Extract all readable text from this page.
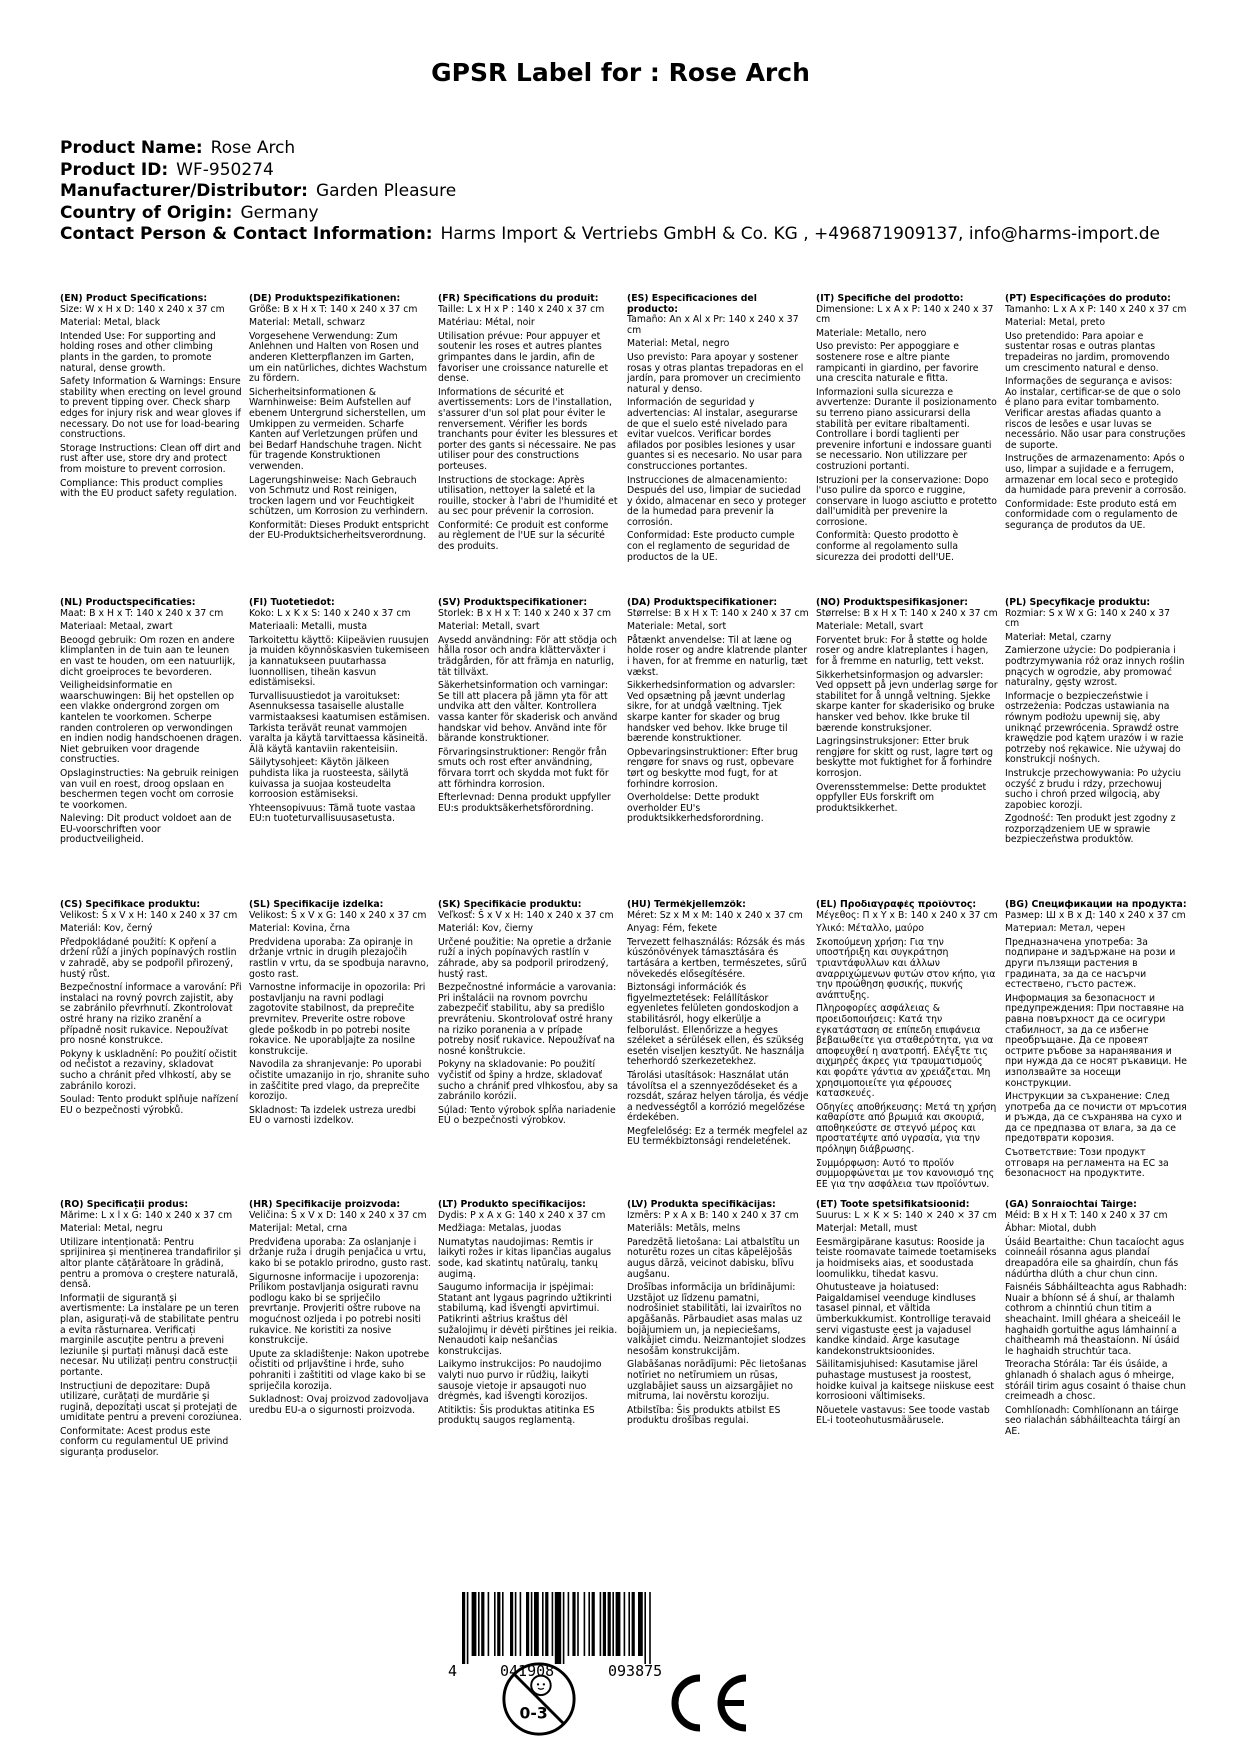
GPSR Label for : Rose Arch
Product Name: Rose Arch
Product ID: WF-950274
Manufacturer/Distributor: Garden Pleasure
Country of Origin: Germany
Contact Person & Contact Information: Harms Import & Vertriebs GmbH & Co. KG , +496871909137, info@harms-import.de
(EN) Product Specifications:

Size: W x H x D: 140 x 240 x 37 cm

Material: Metal, black

Intended Use: For supporting and holding roses and other climbing plants in the garden, to promote natural, dense growth.

Safety Information & Warnings: Ensure stability when erecting on level ground to prevent tipping over. Check sharp edges for injury risk and wear gloves if necessary. Do not use for load-bearing constructions.

Storage Instructions: Clean off dirt and rust after use, store dry and protect from moisture to prevent corrosion.

Compliance: This product complies with the EU product safety regulation.

(DE) Produktspezifikationen:

Größe: B x H x T: 140 x 240 x 37 cm

Material: Metall, schwarz

Vorgesehene Verwendung: Zum Anlehnen und Halten von Rosen und anderen Kletterpflanzen im Garten, um ein natürliches, dichtes Wachstum zu fördern.

Sicherheitsinformationen & Warnhinweise: Beim Aufstellen auf ebenem Untergrund sicherstellen, um Umkippen zu vermeiden. Scharfe Kanten auf Verletzungen prüfen und bei Bedarf Handschuhe tragen. Nicht für tragende Konstruktionen verwenden.

Lagerungshinweise: Nach Gebrauch von Schmutz und Rost reinigen, trocken lagern und vor Feuchtigkeit schützen, um Korrosion zu verhindern.

Konformität: Dieses Produkt entspricht der EU-Produktsicherheitsverordnung.

(FR) Spécifications du produit:

Taille: L x H x P : 140 x 240 x 37 cm

Matériau: Métal, noir

Utilisation prévue: Pour appuyer et soutenir les roses et autres plantes grimpantes dans le jardin, afin de favoriser une croissance naturelle et dense.

Informations de sécurité et avertissements: Lors de l'installation, s'assurer d'un sol plat pour éviter le renversement. Vérifier les bords tranchants pour éviter les blessures et porter des gants si nécessaire. Ne pas utiliser pour des constructions porteuses.

Instructions de stockage: Après utilisation, nettoyer la saleté et la rouille, stocker à l'abri de l'humidité et au sec pour prévenir la corrosion.

Conformité: Ce produit est conforme au règlement de l'UE sur la sécurité des produits.

(ES) Especificaciones del producto:

Tamaño: An x Al x Pr: 140 x 240 x 37 cm

Material: Metal, negro

Uso previsto: Para apoyar y sostener rosas y otras plantas trepadoras en el jardín, para promover un crecimiento natural y denso.

Información de seguridad y advertencias: Al instalar, asegurarse de que el suelo esté nivelado para evitar vuelcos. Verificar bordes afilados por posibles lesiones y usar guantes si es necesario. No usar para construcciones portantes.

Instrucciones de almacenamiento: Después del uso, limpiar de suciedad y óxido, almacenar en seco y proteger de la humedad para prevenir la corrosión.

Conformidad: Este producto cumple con el reglamento de seguridad de productos de la UE.

(IT) Specifiche del prodotto:

Dimensione: L x A x P: 140 x 240 x 37 cm

Materiale: Metallo, nero

Uso previsto: Per appoggiare e sostenere rose e altre piante rampicanti in giardino, per favorire una crescita naturale e fitta.

Informazioni sulla sicurezza e avvertenze: Durante il posizionamento su terreno piano assicurarsi della stabilità per evitare ribaltamenti. Controllare i bordi taglienti per prevenire infortuni e indossare guanti se necessario. Non utilizzare per costruzioni portanti.

Istruzioni per la conservazione: Dopo l'uso pulire da sporco e ruggine, conservare in luogo asciutto e protetto dall'umidità per prevenire la corrosione.

Conformità: Questo prodotto è conforme al regolamento sulla sicurezza dei prodotti dell'UE.

(PT) Especificações do produto:

Tamanho: L x A x P: 140 x 240 x 37 cm

Material: Metal, preto

Uso pretendido: Para apoiar e sustentar rosas e outras plantas trepadeiras no jardim, promovendo um crescimento natural e denso.

Informações de segurança e avisos: Ao instalar, certificar-se de que o solo é plano para evitar tombamento. Verificar arestas afiadas quanto a riscos de lesões e usar luvas se necessário. Não usar para construções de suporte.

Instruções de armazenamento: Após o uso, limpar a sujidade e a ferrugem, armazenar em local seco e protegido da humidade para prevenir a corrosão.

Conformidade: Este produto está em conformidade com o regulamento de segurança de produtos da UE.

(NL) Productspecificaties:

Maat: B x H x T: 140 x 240 x 37 cm

Materiaal: Metaal, zwart

Beoogd gebruik: Om rozen en andere klimplanten in de tuin aan te leunen en vast te houden, om een natuurlijk, dicht groeiproces te bevorderen.

Veiligheidsinformatie en waarschuwingen: Bij het opstellen op een vlakke ondergrond zorgen om kantelen te voorkomen. Scherpe randen controleren op verwondingen en indien nodig handschoenen dragen. Niet gebruiken voor dragende constructies.

Opslaginstructies: Na gebruik reinigen van vuil en roest, droog opslaan en beschermen tegen vocht om corrosie te voorkomen.

Naleving: Dit product voldoet aan de EU-voorschriften voor productveiligheid.

(FI) Tuotetiedot:

Koko: L x K x S: 140 x 240 x 37 cm

Materiaali: Metalli, musta

Tarkoitettu käyttö: Kiipeävien ruusujen ja muiden köynnöskasvien tukemiseen ja kannatukseen puutarhassa luonnollisen, tiheän kasvun edistämiseksi.

Turvallisuustiedot ja varoitukset: Asennuksessa tasaiselle alustalle varmistaaksesi kaatumisen estämisen. Tarkista terävät reunat vammojen varalta ja käytä tarvittaessa käsineitä. Älä käytä kantaviin rakenteisiin.

Säilytysohjeet: Käytön jälkeen puhdista lika ja ruosteesta, säilytä kuivassa ja suojaa kosteudelta korroosion estämiseksi.

Yhteensopivuus: Tämä tuote vastaa EU:n tuoteturvallisuusasetusta.

(SV) Produktspecifikationer:

Storlek: B x H x T: 140 x 240 x 37 cm

Material: Metall, svart

Avsedd användning: För att stödja och hålla rosor och andra klätterväxter i trädgården, för att främja en naturlig, tät tillväxt.

Säkerhetsinformation och varningar: Se till att placera på jämn yta för att undvika att den välter. Kontrollera vassa kanter för skaderisk och använd handskar vid behov. Använd inte för bärande konstruktioner.

Förvaringsinstruktioner: Rengör från smuts och rost efter användning, förvara torrt och skydda mot fukt för att förhindra korrosion.

Efterlevnad: Denna produkt uppfyller EU:s produktsäkerhetsförordning.

(DA) Produktspecifikationer:

Størrelse: B x H x T: 140 x 240 x 37 cm

Materiale: Metal, sort

Påtænkt anvendelse: Til at læne og holde roser og andre klatrende planter i haven, for at fremme en naturlig, tæt vækst.

Sikkerhedsinformation og advarsler: Ved opsætning på jævnt underlag sikre, for at undgå væltning. Tjek skarpe kanter for skader og brug handsker ved behov. Ikke bruge til bærende konstruktioner.

Opbevaringsinstruktioner: Efter brug rengøre for snavs og rust, opbevare tørt og beskytte mod fugt, for at forhindre korrosion.

Overholdelse: Dette produkt overholder EU's produktsikkerhedsforordning.

(NO) Produktspesifikasjoner:

Størrelse: B x H x T: 140 x 240 x 37 cm

Materiale: Metall, svart

Forventet bruk: For å støtte og holde roser og andre klatreplantes i hagen, for å fremme en naturlig, tett vekst.

Sikkerhetsinformasjon og advarsler: Ved oppsett på jevn underlag sørge for stabilitet for å unngå veltning. Sjekke skarpe kanter for skaderisiko og bruke hansker ved behov. Ikke bruke til bærende konstruksjoner.

Lagringsinstruksjoner: Etter bruk rengjøre for skitt og rust, lagre tørt og beskytte mot fuktighet for å forhindre korrosjon.

Overensstemmelse: Dette produktet oppfyller EUs forskrift om produktsikkerhet.

(PL) Specyfikacje produktu:

Rozmiar: S x W x G: 140 x 240 x 37 cm

Materiał: Metal, czarny

Zamierzone użycie: Do podpierania i podtrzymywania róż oraz innych roślin pnących w ogrodzie, aby promować naturalny, gęsty wzrost.

Informacje o bezpieczeństwie i ostrzeżenia: Podczas ustawiania na równym podłożu upewnij się, aby uniknąć przewrócenia. Sprawdź ostre krawędzie pod kątem urazów i w razie potrzeby noś rękawice. Nie używaj do konstrukcji nośnych.

Instrukcje przechowywania: Po użyciu oczyść z brudu i rdzy, przechowuj sucho i chroń przed wilgocią, aby zapobiec korozji.

Zgodność: Ten produkt jest zgodny z rozporządzeniem UE w sprawie bezpieczeństwa produktów.

(CS) Specifikace produktu:

Velikost: Š x V x H: 140 x 240 x 37 cm

Materiál: Kov, černý

Předpokládané použití: K opření a držení růží a jiných popínavých rostlin v zahradě, aby se podpořil přirozený, hustý růst.

Bezpečnostní informace a varování: Při instalaci na rovný povrch zajistit, aby se zabránilo převrhnutí. Zkontrolovat ostré hrany na riziko zranění a případně nosit rukavice. Nepoužívat pro nosné konstrukce.

Pokyny k uskladnění: Po použití očistit od nečistot a rezaviny, skladovat sucho a chránit před vlhkostí, aby se zabránilo korozi.

Soulad: Tento produkt splňuje nařízení EU o bezpečnosti výrobků.

(SL) Specifikacije izdelka:

Velikost: Š x V x G: 140 x 240 x 37 cm

Material: Kovina, črna

Predvidena uporaba: Za opiranje in držanje vrtnic in drugih plezajočih rastlin v vrtu, da se spodbuja naravno, gosto rast.

Varnostne informacije in opozorila: Pri postavljanju na ravni podlagi zagotovite stabilnost, da preprečite prevrnitev. Preverite ostre robove glede poškodb in po potrebi nosite rokavice. Ne uporabljajte za nosilne konstrukcije.

Navodila za shranjevanje: Po uporabi očistite umazanijo in rjo, shranite suho in zaščitite pred vlago, da preprečite korozijo.

Skladnost: Ta izdelek ustreza uredbi EU o varnosti izdelkov.

(SK) Špecifikácie produktu:

Veľkosť: Š x V x H: 140 x 240 x 37 cm

Materiál: Kov, čierny

Určené použitie: Na opretie a držanie ruží a iných popínavých rastlín v záhrade, aby sa podporil prirodzený, hustý rast.

Bezpečnostné informácie a varovania: Pri inštalácii na rovnom povrchu zabezpečiť stabilitu, aby sa predišlo prevráteniu. Skontrolovať ostré hrany na riziko poranenia a v prípade potreby nosiť rukavice. Nepoužívať na nosné konštrukcie.

Pokyny na skladovanie: Po použití vyčistiť od špiny a hrdze, skladovať sucho a chrániť pred vlhkosťou, aby sa zabránilo korózii.

Súlad: Tento výrobok spĺňa nariadenie EÚ o bezpečnosti výrobkov.

(HU) Termékjellemzők:

Méret: Sz x M x M: 140 x 240 x 37 cm

Anyag: Fém, fekete

Tervezett felhasználás: Rózsák és más kúszónövények támasztására és tartására a kertben, természetes, sűrű növekedés elősegítésére.

Biztonsági információk és figyelmeztetések: Felállításkor egyenletes felületen gondoskodjon a stabilitásról, hogy elkerülje a felborulást. Ellenőrizze a hegyes széleket a sérülések ellen, és szükség esetén viseljen kesztyűt. Ne használja teherhordó szerkezetekhez.

Tárolási utasítások: Használat után távolítsa el a szennyeződéseket és a rozsdát, száraz helyen tárolja, és védje a nedvességtől a korrózió megelőzése érdekében.

Megfelelőség: Ez a termék megfelel az EU termékbiztonsági rendeletének.

(EL) Προδιαγραφές προϊόντος:

Μέγεθος: Π x Υ x Β: 140 x 240 x 37 cm

Υλικό: Μέταλλο, μαύρο

Σκοπούμενη χρήση: Για την υποστήριξη και συγκράτηση τριαντάφυλλων και άλλων αναρριχώμενων φυτών στον κήπο, για την προώθηση φυσικής, πυκνής ανάπτυξης.

Πληροφορίες ασφάλειας & προειδοποιήσεις: Κατά την εγκατάσταση σε επίπεδη επιφάνεια βεβαιωθείτε για σταθερότητα, για να αποφευχθεί η ανατροπή. Ελέγξτε τις αιχμηρές άκρες για τραυματισμούς και φοράτε γάντια αν χρειάζεται. Μη χρησιμοποιείτε για φέρουσες κατασκευές.

Οδηγίες αποθήκευσης: Μετά τη χρήση καθαρίστε από βρωμιά και σκουριά, αποθηκεύστε σε στεγνό μέρος και προστατέψτε από υγρασία, για την πρόληψη διάβρωσης.

Συμμόρφωση: Αυτό το προϊόν συμμορφώνεται με τον κανονισμό της ΕΕ για την ασφάλεια των προϊόντων.

(BG) Спецификации на продукта:

Размер: Ш x В x Д: 140 x 240 x 37 cm

Материал: Метал, черен

Предназначена употреба: За подпиране и задържане на рози и други пълзящи растения в градината, за да се насърчи естествено, гъсто растеж.

Информация за безопасност и предупреждения: При поставяне на равна повърхност да се осигури стабилност, за да се избегне преобръщане. Да се провеят острите ръбове за наранявания и при нужда да се носят ръкавици. Не използвайте за носещи конструкции.

Инструкции за съхранение: След употреба да се почисти от мръсотия и ръжда, да се съхранява на сухо и да се предпазва от влага, за да се предотврати корозия.

Съответствие: Този продукт отговаря на регламента на ЕС за безопасност на продуктите.

(RO) Specificații produs:

Mărime: L x l x G: 140 x 240 x 37 cm

Material: Metal, negru

Utilizare intenționată: Pentru sprijinirea și menținerea trandafirilor și altor plante cățărătoare în grădină, pentru a promova o creștere naturală, densă.

Informații de siguranță și avertismente: La instalare pe un teren plan, asigurați-vă de stabilitate pentru a evita răsturnarea. Verificați marginile ascuțite pentru a preveni leziunile și purtați mănuși dacă este necesar. Nu utilizați pentru construcții portante.

Instrucțiuni de depozitare: După utilizare, curățați de murdărie și rugină, depozitați uscat și protejați de umiditate pentru a preveni coroziunea.

Conformitate: Acest produs este conform cu regulamentul UE privind siguranța produselor.

(HR) Specifikacije proizvoda:

Veličina: Š x V x D: 140 x 240 x 37 cm

Materijal: Metal, crna

Predviđena uporaba: Za oslanjanje i držanje ruža i drugih penjačica u vrtu, kako bi se potaklo prirodno, gusto rast.

Sigurnosne informacije i upozorenja: Prilikom postavljanja osigurati ravnu podlogu kako bi se spriječilo prevrtanje. Provjeriti oštre rubove na mogućnost ozljeda i po potrebi nositi rukavice. Ne koristiti za nosive konstrukcije.

Upute za skladištenje: Nakon upotrebe očistiti od prljavštine i hrđe, suho pohraniti i zaštititi od vlage kako bi se spriječila korozija.

Sukladnost: Ovaj proizvod zadovoljava uredbu EU-a o sigurnosti proizvoda.

(LT) Produkto specifikacijos:

Dydis: P x A x G: 140 x 240 x 37 cm

Medžiaga: Metalas, juodas

Numatytas naudojimas: Remtis ir laikyti rožes ir kitas lipančias augalus sode, kad skatintų natūralų, tankų augimą.

Saugumo informacija ir įspėjimai: Statant ant lygaus pagrindo užtikrinti stabilumą, kad išvengti apvirtimui. Patikrinti aštrius kraštus dėl sužalojimų ir dėvėti pirštines jei reikia. Nenaudoti kaip nešančias konstrukcijas.

Laikymo instrukcijos: Po naudojimo valyti nuo purvo ir rūdžių, laikyti sausoje vietoje ir apsaugoti nuo drėgmės, kad išvengti korozijos.

Atitiktis: Šis produktas atitinka ES produktų saugos reglamentą.

(LV) Produkta specifikācijas:

Izmērs: P x A x B: 140 x 240 x 37 cm

Materiāls: Metāls, melns

Paredzētā lietošana: Lai atbalstītu un noturētu rozes un citas kāpelējošās augus dārzā, veicinot dabisku, blīvu augšanu.

Drošības informācija un brīdinājumi: Uzstājot uz līdzenu pamatni, nodrošiniet stabilitāti, lai izvairītos no apgāšanās. Pārbaudiet asas malas uz bojājumiem un, ja nepieciešams, valkājiet cimdu. Neizmantojiet slodzes nesošām konstrukcijām.

Glabāšanas norādījumi: Pēc lietošanas notīriet no netīrumiem un rūsas, uzglabājiet sauss un aizsargājiet no mitruma, lai novērstu koroziju.

Atbilstība: Šis produkts atbilst ES produktu drošības regulai.

(ET) Toote spetsifikatsioonid:

Suurus: L × K × S: 140 × 240 × 37 cm

Materjal: Metall, must

Eesmärgipärane kasutus: Rooside ja teiste roomavate taimede toetamiseks ja hoidmiseks aias, et soodustada loomulikku, tihedat kasvu.

Ohutusteave ja hoiatused: Paigaldamisel veenduge kindluses tasasel pinnal, et vältida ümberkukkumist. Kontrollige teravaid servi vigastuste eest ja vajadusel kandke kindaid. Ärge kasutage kandekonstruktsioonides.

Säilitamisjuhised: Kasutamise järel puhastage mustusest ja roostest, hoidke kuival ja kaitsege niiskuse eest korrosiooni vältimiseks.

Nõuetele vastavus: See toode vastab EL-i tooteohutusmäärusele.

(GA) Sonraíochtaí Táirge:

Méid: B x H x T: 140 x 240 x 37 cm

Ábhar: Miotal, dubh

Úsáid Beartaithe: Chun tacaíocht agus coinneáil rósanna agus plandaí dreapadóra eile sa ghairdín, chun fás nádúrtha dlúth a chur chun cinn.

Faisnéis Sábháilteachta agus Rabhadh: Nuair a bhíonn sé á shuí, ar thalamh cothrom a chinntiú chun titim a sheachaint. Imill ghéara a sheiceáil le haghaidh gortuithe agus lámhainní a chaitheamh má theastaíonn. Ní úsáid le haghaidh struchtúr taca.

Treoracha Stórála: Tar éis úsáide, a ghlanadh ó shalach agus ó mheirge, stóráil tirim agus cosaint ó thaise chun creimeadh a chosc.

Comhlíonadh: Comhlíonann an táirge seo rialachán sábháilteachta táirgí an AE.

4	041908	093875
0-3
